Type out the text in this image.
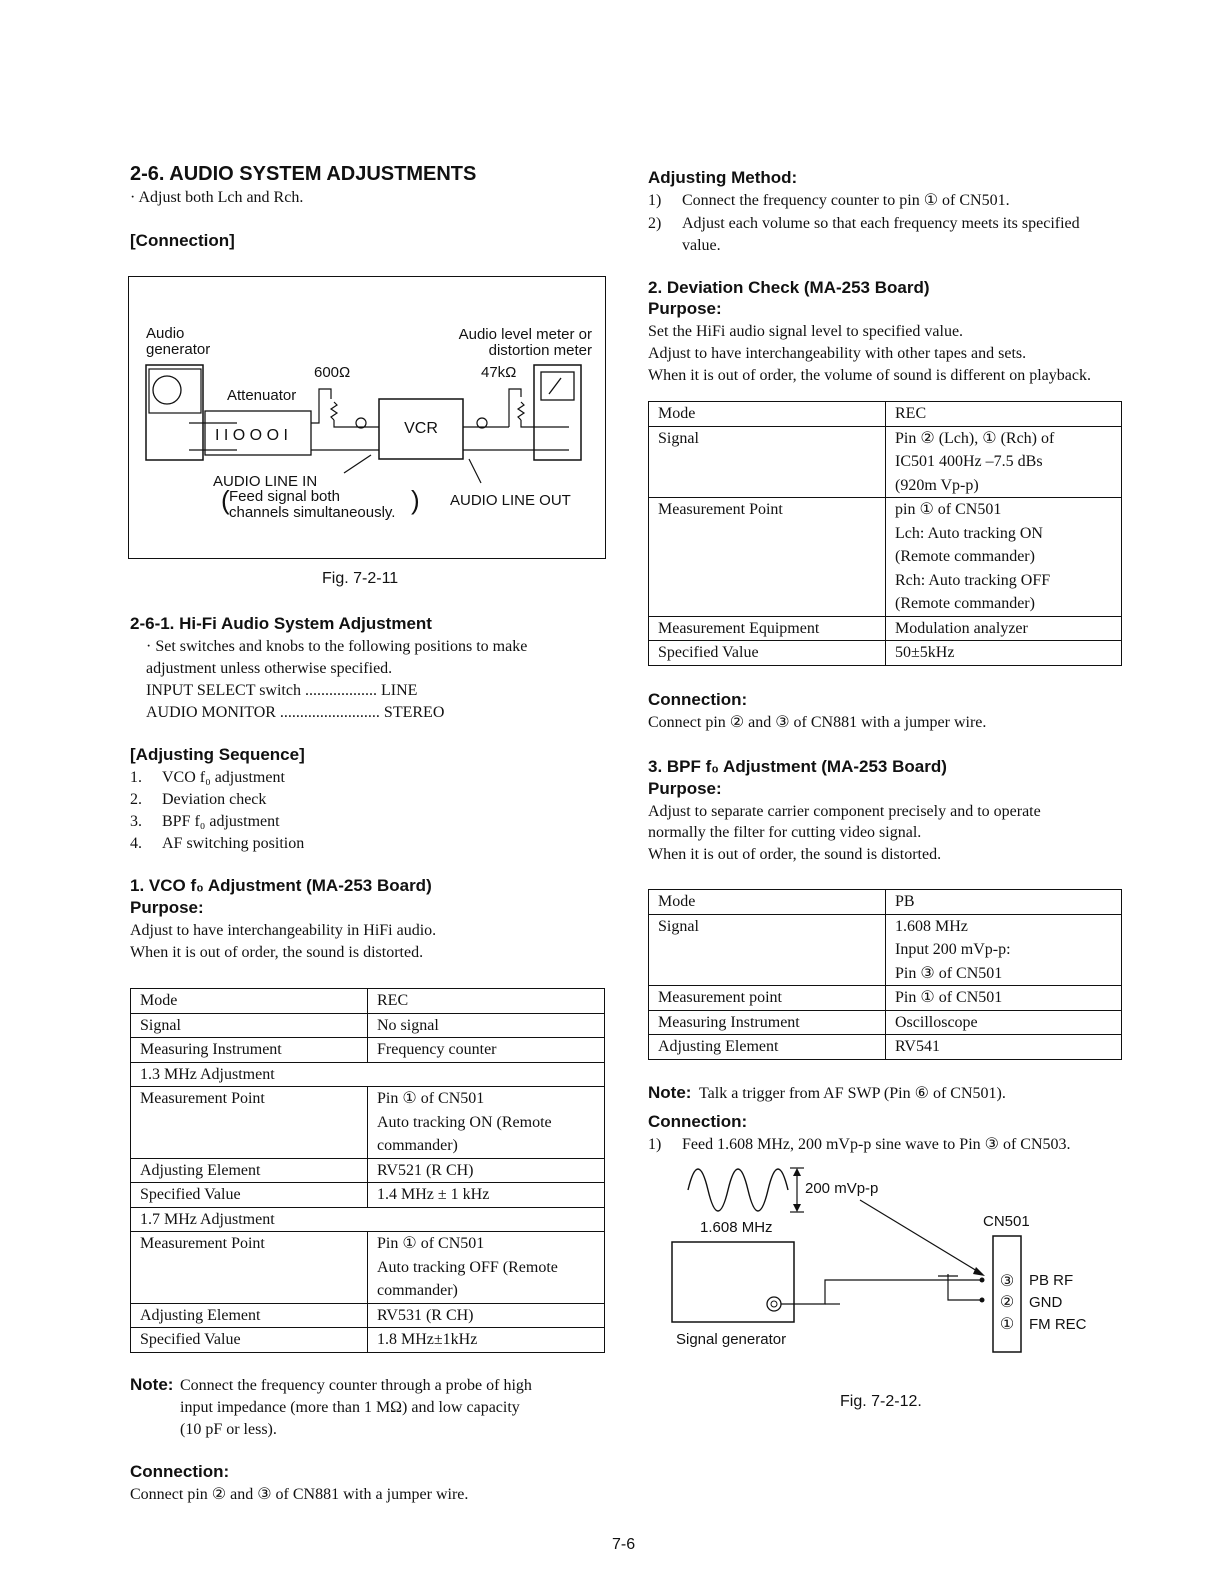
2-6. AUDIO SYSTEM ADJUSTMENTS
· Adjust both Lch and Rch.
[Connection]
Audio
generator
Audio level meter or
distortion meter
600Ω
Attenuator
I I O O O I	VCR
47kΩ
AUDIO LINE IN
Feed signal both
channels simultaneously.
(	) AUDIO LINE OUT
Fig. 7-2-11
2-6-1. Hi-Fi Audio System Adjustment
· Set switches and knobs to the following positions to make
adjustment unless otherwise specified.
INPUT SELECT switch .................. LINE
AUDIO MONITOR ......................... STEREO
[Adjusting Sequence]
1. VCO f₀ adjustment
2. Deviation check
3. BPF f₀ adjustment
4. AF switching position
1. VCO f₀ Adjustment (MA-253 Board)
Purpose:
Adjust to have interchangeability in HiFi audio.
When it is out of order, the sound is distorted.
Mode	REC
Signal	No signal
Measuring Instrument	Frequency counter
1.3 MHz Adjustment	
Measurement Point	Pin ① of CN501
Auto tracking ON (Remote
commander)

Adjusting Element	RV521 (R CH)
Specified Value	1.4 MHz ± 1 kHz
1.7 MHz Adjustment	
Measurement Point	Pin ① of CN501
Auto tracking OFF (Remote
commander)

Adjusting Element	RV531 (R CH)
Specified Value	1.8 MHz±1kHz
Note: Connect the frequency counter through a probe of high
input impedance (more than 1 MΩ) and low capacity
(10 pF or less).
Connection:
Connect pin ② and ③ of CN881 with a jumper wire.
Adjusting Method:
1) Connect the frequency counter to pin ① of CN501.
2) Adjust each volume so that each frequency meets its specified
value.
2. Deviation Check (MA-253 Board)
Purpose:
Set the HiFi audio signal level to specified value.
Adjust to have interchangeability with other tapes and sets.
When it is out of order, the volume of sound is different on playback.
Mode	REC
Signal	Pin ② (Lch), ① (Rch) of
IC501 400Hz –7.5 dBs
(920m Vp-p)

Measurement Point	pin ① of CN501
Lch: Auto tracking ON
(Remote commander)
Rch: Auto tracking OFF
(Remote commander)

Measurement Equipment	Modulation analyzer
Specified Value	50±5kHz
Connection:
Connect pin ② and ③ of CN881 with a jumper wire.
3. BPF f₀ Adjustment (MA-253 Board)
Purpose:
Adjust to separate carrier component precisely and to operate
normally the filter for cutting video signal.
When it is out of order, the sound is distorted.
Mode	PB
Signal	1.608 MHz
Input 200 mVp-p:
Pin ③ of CN501

Measurement point	Pin ① of CN501
Measuring Instrument	Oscilloscope
Adjusting Element	RV541
Note: Talk a trigger from AF SWP (Pin ⑥ of CN501).
Connection:
1) Feed 1.608 MHz, 200 mVp-p sine wave to Pin ③ of CN503.
200 mVp-p
1.608 MHz	CN501
Signal generator
③
②
①
PB RF
GND
FM REC
Fig. 7-2-12.
7-6
